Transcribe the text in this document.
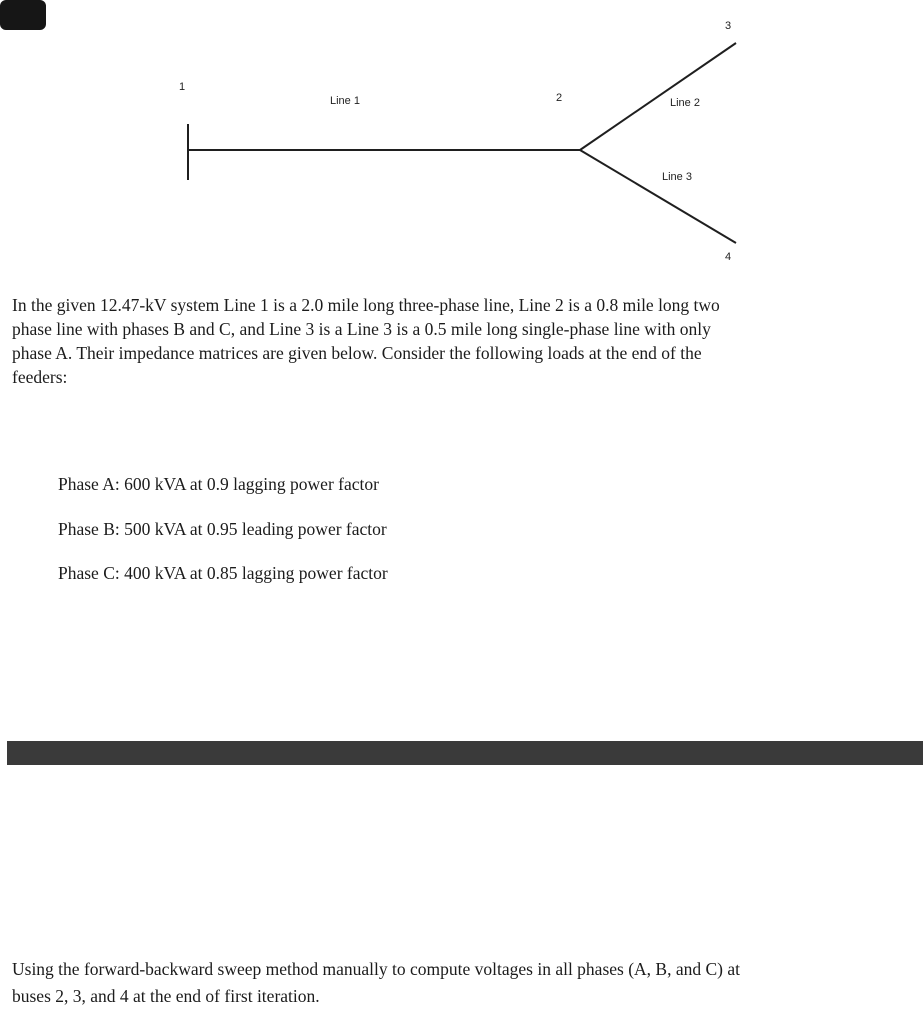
1
2
3
4
Line 1	Line 2
Line 3

In the given 12.47-kV system Line 1 is a 2.0 mile long three-phase line, Line 2 is a 0.8 mile long two
phase line with phases B and C, and Line 3 is a Line 3 is a 0.5 mile long single-phase line with only
phase A. Their impedance matrices are given below. Consider the following loads at the end of the
feeders:

Phase A: 600 kVA at 0.9 lagging power factor
Phase B: 500 kVA at 0.95 leading power factor
Phase C: 400 kVA at 0.85 lagging power factor

Using the forward-backward sweep method manually to compute voltages in all phases (A, B, and C) at
buses 2, 3, and 4 at the end of first iteration.
